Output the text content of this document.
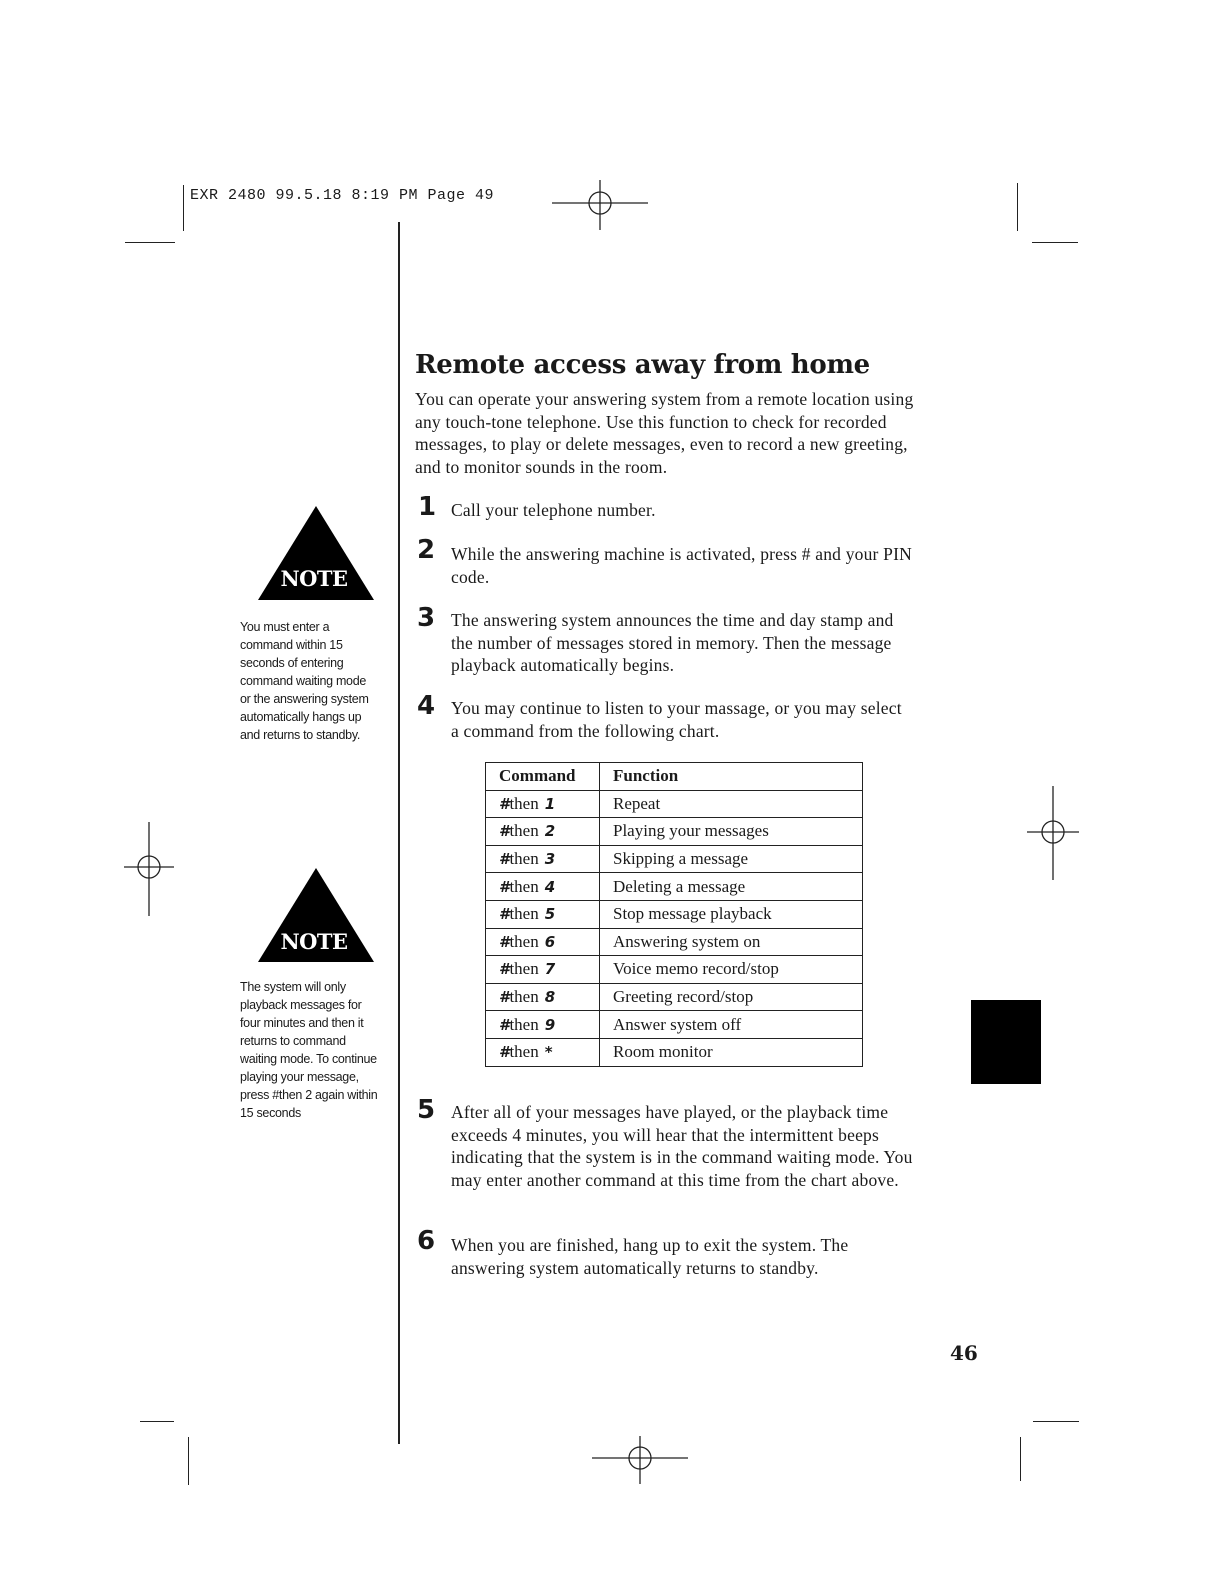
EXR 2480 99.5.18 8:19 PM Page 49
Remote access away from home
You can operate your answering system from a remote location using any touch-tone telephone. Use this function to check for recorded messages, to play or delete messages, even to record a new greeting, and to monitor sounds in the room.
1 Call your telephone number.
2 While the answering machine is activated, press # and your PIN code.
3 The answering system announces the time and day stamp and the number of messages stored in memory. Then the message playback automatically begins.
4 You may continue to listen to your massage, or you may select a command from the following chart.
Command	Function
#then 1	Repeat
#then 2	Playing your messages
#then 3	Skipping a message
#then 4	Deleting a message
#then 5	Stop message playback
#then 6	Answering system on
#then 7	Voice memo record/stop
#then 8	Greeting record/stop
#then 9	Answer system off
#then *	Room monitor
5 After all of your messages have played, or the playback time exceeds 4 minutes, you will hear that the intermittent beeps indicating that the system is in the command waiting mode. You may enter another command at this time from the chart above.
6 When you are finished, hang up to exit the system. The answering system automatically returns to standby.
NOTE
You must enter a command within 15 seconds of entering command waiting mode or the answering system automatically hangs up and returns to standby.
NOTE
The system will only playback messages for four minutes and then it returns to command waiting mode. To continue playing your message, press #then 2 again within 15 seconds
46
